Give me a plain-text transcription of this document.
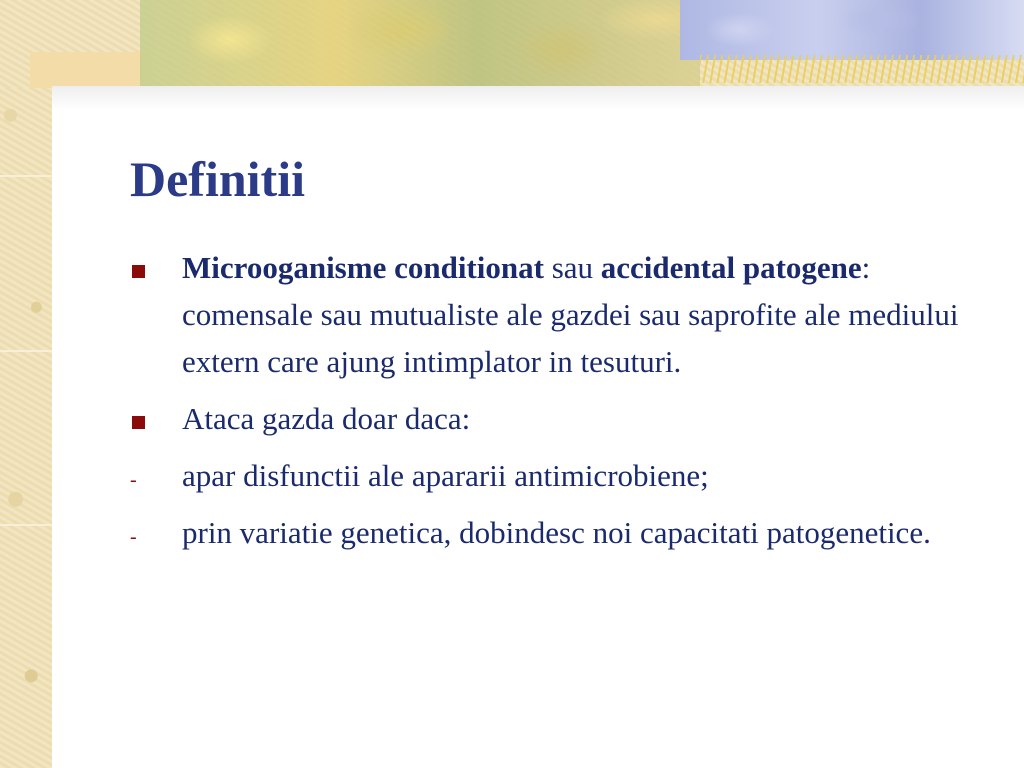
Definitii
Microoganisme conditionat sau accidental patogene: comensale sau mutualiste ale gazdei sau saprofite ale mediului extern care ajung intimplator in tesuturi.
Ataca gazda doar daca:
-	apar disfunctii ale apararii antimicrobiene;
-	prin variatie genetica, dobindesc noi capacitati patogenetice.
